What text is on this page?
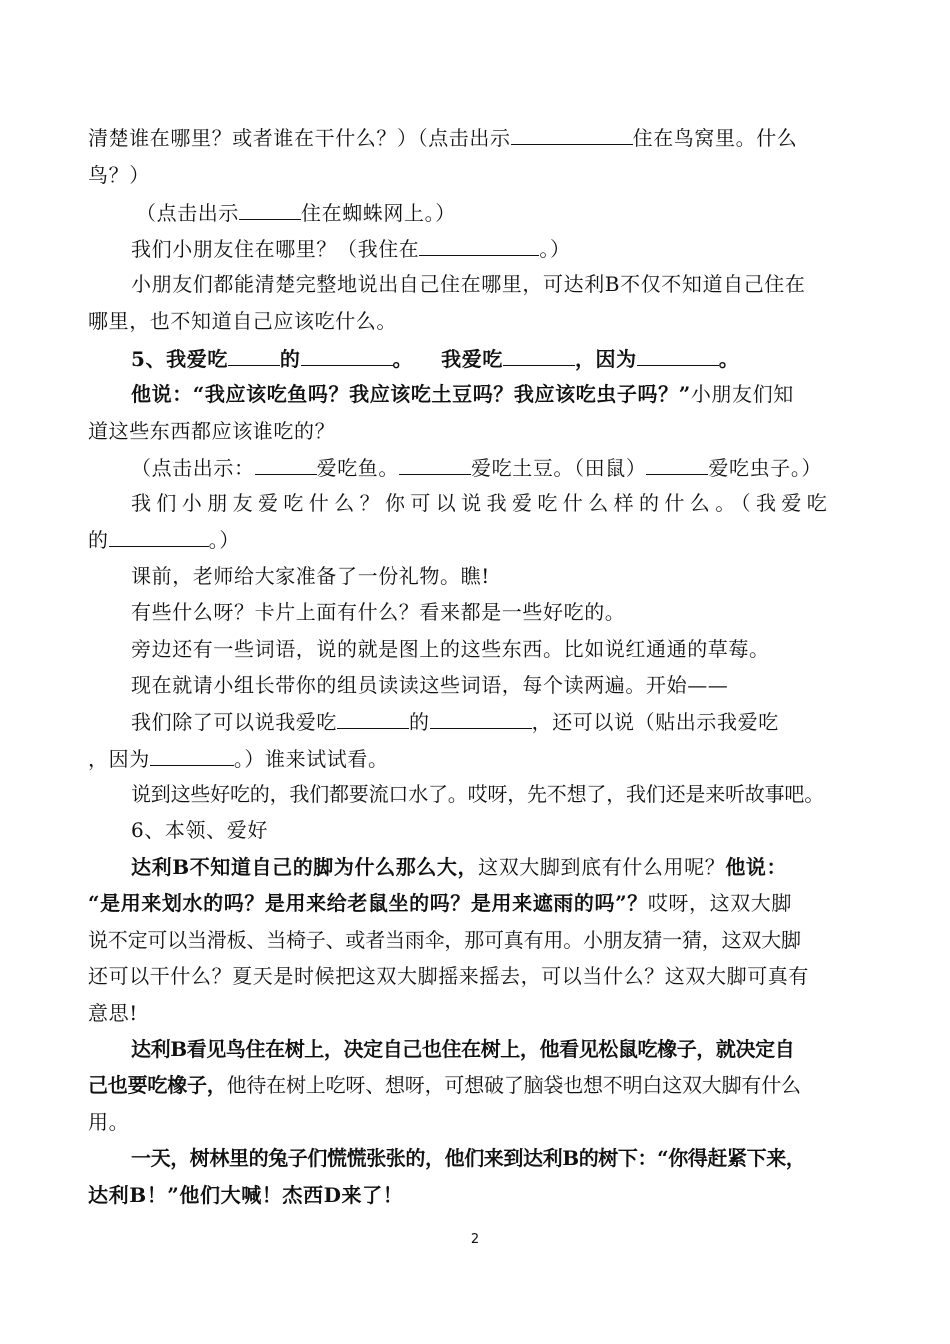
清楚谁在哪里？或者谁在干什么？）（点击出示	住在鸟窝里。什么
鸟？）
（点击出示	住在蜘蛛网上。）
我们小朋友住在哪里？（我住在	。）
小朋友们都能清楚完整地说出自己住在哪里，可达利B不仅不知道自己住在
哪里，也不知道自己应该吃什么。
5、我爱吃	的	。 我爱吃	，因为	。
他说：“我应该吃鱼吗？我应该吃土豆吗？我应该吃虫子吗？”小朋友们知
道这些东西都应该谁吃的？
（点击出示：	爱吃鱼。	爱吃土豆。（田鼠）	爱吃虫子。）
我们小朋友爱吃什么？你可以说我爱吃什么样的什么。（我爱吃
的	。）
课前，老师给大家准备了一份礼物。瞧!
有些什么呀？卡片上面有什么？看来都是一些好吃的。
旁边还有一些词语，说的就是图上的这些东西。比如说红通通的草莓。
现在就请小组长带你的组员读读这些词语，每个读两遍。开始——
我们除了可以说我爱吃	的	，还可以说（贴出示我爱吃
，因为	。）谁来试试看。
说到这些好吃的，我们都要流口水了。哎呀，先不想了，我们还是来听故事吧。
6、本领、爱好
达利B不知道自己的脚为什么那么大，这双大脚到底有什么用呢？他说：
“是用来划水的吗？是用来给老鼠坐的吗？是用来遮雨的吗”？哎呀，这双大脚
说不定可以当滑板、当椅子、或者当雨伞，那可真有用。小朋友猜一猜，这双大脚
还可以干什么？夏天是时候把这双大脚摇来摇去，可以当什么？这双大脚可真有
意思!
达利B看见鸟住在树上，决定自己也住在树上，他看见松鼠吃橡子，就决定自
己也要吃橡子，他待在树上吃呀、想呀，可想破了脑袋也想不明白这双大脚有什么
用。
一天，树林里的兔子们慌慌张张的，他们来到达利B的树下：“你得赶紧下来，
达利B！”他们大喊！杰西D来了！
2
